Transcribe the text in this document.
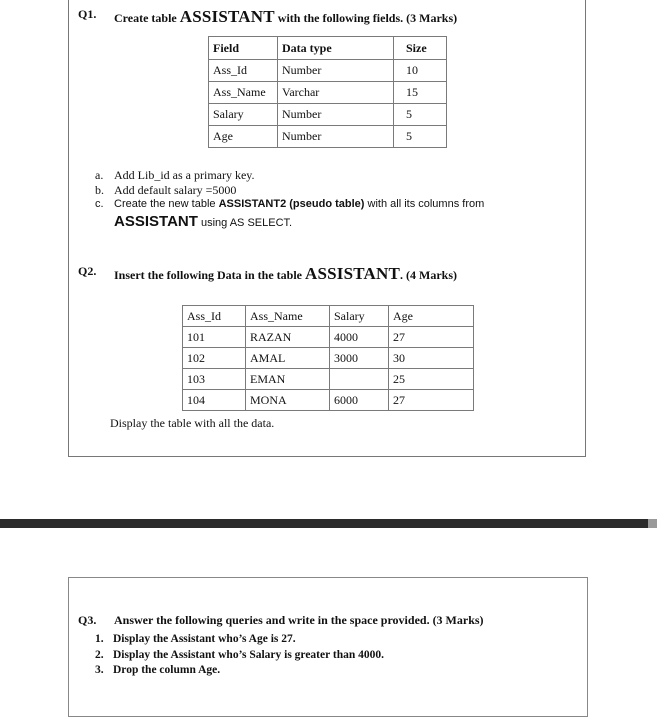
Q1. Create table ASSISTANT with the following fields. (3 Marks)
Field	Data type	Size
Ass_Id	Number	10
Ass_Name	Varchar	15
Salary	Number	5
Age	Number	5
a. Add Lib_id as a primary key.
b. Add default salary =5000
c. Create the new table ASSISTANT2 (pseudo table) with all its columns from
ASSISTANT using AS SELECT.
Q2. Insert the following Data in the table ASSISTANT. (4 Marks)
Ass_Id	Ass_Name	Salary	Age
101	RAZAN	4000	27
102	AMAL	3000	30
103	EMAN		25
104	MONA	6000	27
Display the table with all the data.
Q3. Answer the following queries and write in the space provided. (3 Marks)
1. Display the Assistant who’s Age is 27.
2. Display the Assistant who’s Salary is greater than 4000.
3. Drop the column Age.
